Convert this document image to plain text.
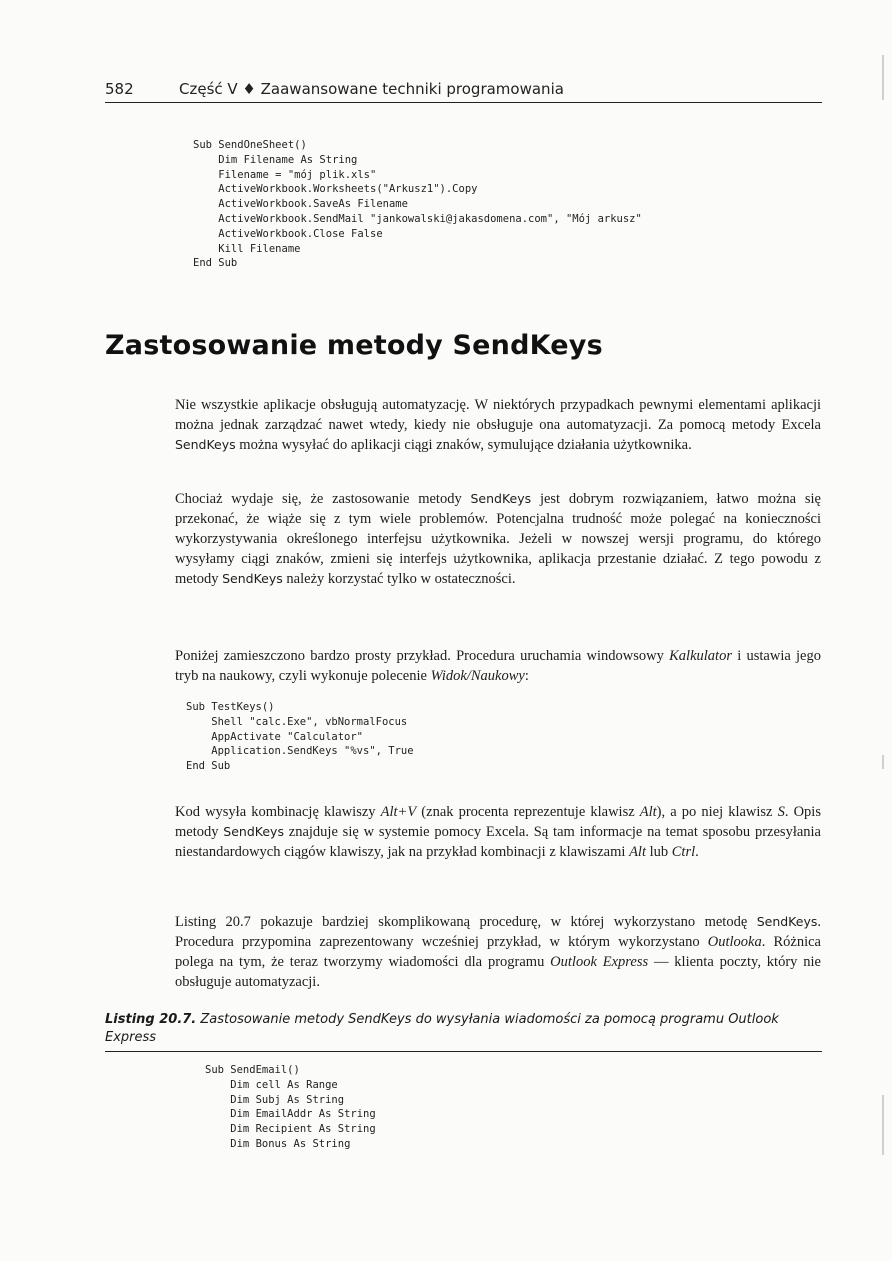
582	Część V ♦ Zaawansowane techniki programowania
Sub SendOneSheet()
Dim Filename As String
Filename = "mój plik.xls"
ActiveWorkbook.Worksheets("Arkusz1").Copy
ActiveWorkbook.SaveAs Filename
ActiveWorkbook.SendMail "jankowalski@jakasdomena.com", "Mój arkusz"
ActiveWorkbook.Close False
Kill Filename
End Sub
Zastosowanie metody SendKeys

Nie wszystkie aplikacje obsługują automatyzację. W niektórych przypadkach pewnymi elementami aplikacji można jednak zarządzać nawet wtedy, kiedy nie obsługuje ona automatyzacji. Za pomocą metody Excela SendKeys można wysyłać do aplikacji ciągi znaków, symulujące działania użytkownika.

Chociaż wydaje się, że zastosowanie metody SendKeys jest dobrym rozwiązaniem, łatwo można się przekonać, że wiąże się z tym wiele problemów. Potencjalna trudność może polegać na konieczności wykorzystywania określonego interfejsu użytkownika. Jeżeli w nowszej wersji programu, do którego wysyłamy ciągi znaków, zmieni się interfejs użytkownika, aplikacja przestanie działać. Z tego powodu z metody SendKeys należy korzystać tylko w ostateczności.

Poniżej zamieszczono bardzo prosty przykład. Procedura uruchamia windowsowy Kalkulator i ustawia jego tryb na naukowy, czyli wykonuje polecenie Widok/Naukowy:

Sub TestKeys()
Shell "calc.Exe", vbNormalFocus
AppActivate "Calculator"
Application.SendKeys "%vs", True
End Sub

Kod wysyła kombinację klawiszy Alt+V (znak procenta reprezentuje klawisz Alt), a po niej klawisz S. Opis metody SendKeys znajduje się w systemie pomocy Excela. Są tam informacje na temat sposobu przesyłania niestandardowych ciągów klawiszy, jak na przykład kombinacji z klawiszami Alt lub Ctrl.

Listing 20.7 pokazuje bardziej skomplikowaną procedurę, w której wykorzystano metodę SendKeys. Procedura przypomina zaprezentowany wcześniej przykład, w którym wykorzystano Outlooka. Różnica polega na tym, że teraz tworzymy wiadomości dla programu Outlook Express — klienta poczty, który nie obsługuje automatyzacji.

Listing 20.7. Zastosowanie metody SendKeys do wysyłania wiadomości za pomocą programu Outlook Express
Sub SendEmail()
Dim cell As Range
Dim Subj As String
Dim EmailAddr As String
Dim Recipient As String
Dim Bonus As String
